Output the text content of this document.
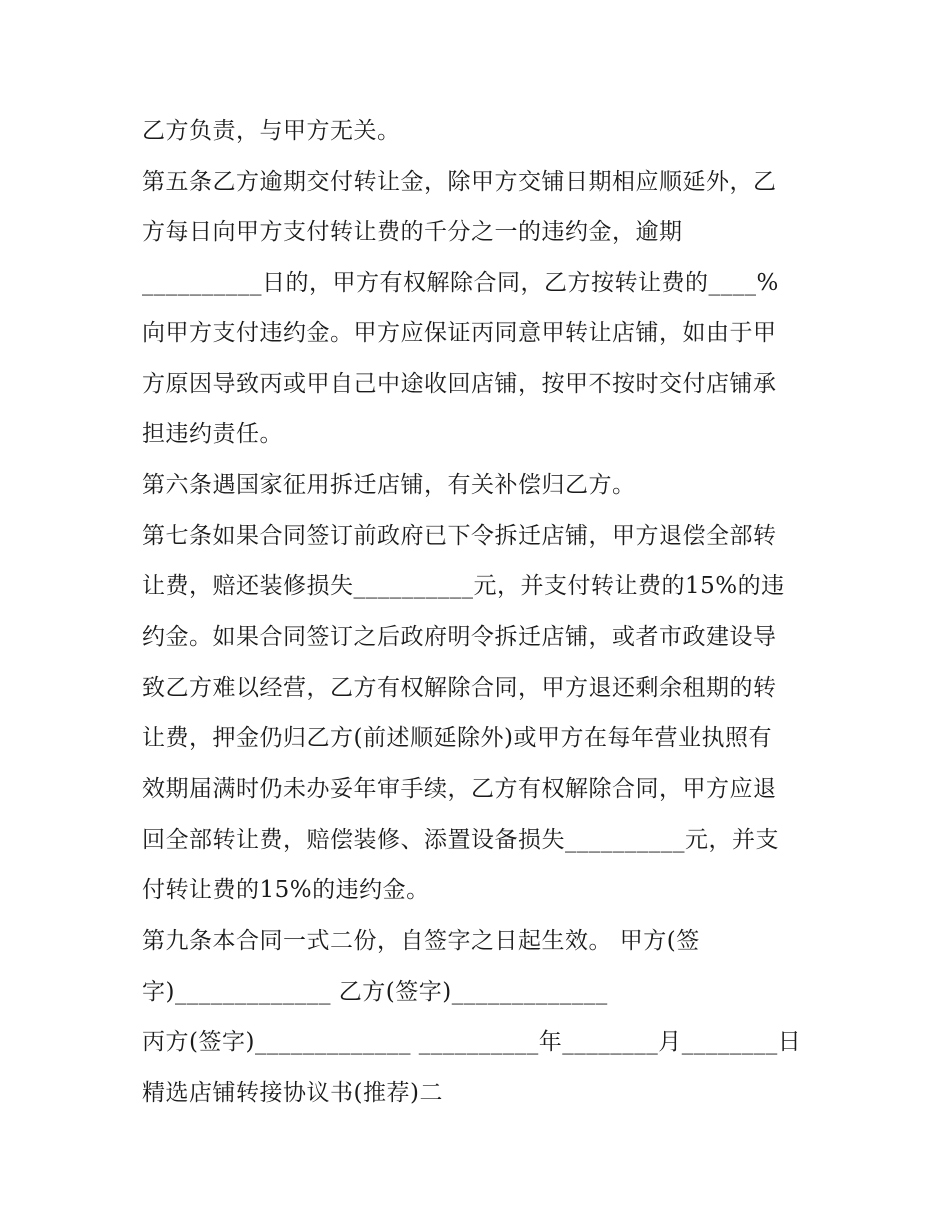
乙方负责，与甲方无关。
第五条乙方逾期交付转让金，除甲方交铺日期相应顺延外，乙
方每日向甲方支付转让费的千分之一的违约金，逾期
__________日的，甲方有权解除合同，乙方按转让费的____%
向甲方支付违约金。甲方应保证丙同意甲转让店铺，如由于甲
方原因导致丙或甲自己中途收回店铺，按甲不按时交付店铺承
担违约责任。
第六条遇国家征用拆迁店铺，有关补偿归乙方。
第七条如果合同签订前政府已下令拆迁店铺，甲方退偿全部转
让费，赔还装修损失__________元，并支付转让费的15%的违
约金。如果合同签订之后政府明令拆迁店铺，或者市政建设导
致乙方难以经营，乙方有权解除合同，甲方退还剩余租期的转
让费，押金仍归乙方(前述顺延除外)或甲方在每年营业执照有
效期届满时仍未办妥年审手续，乙方有权解除合同，甲方应退
回全部转让费，赔偿装修、添置设备损失__________元，并支
付转让费的15%的违约金。
第九条本合同一式二份，自签字之日起生效。 甲方(签
字)_____________ 乙方(签字)_____________
丙方(签字)_____________ __________年________月________日
精选店铺转接协议书(推荐)二
